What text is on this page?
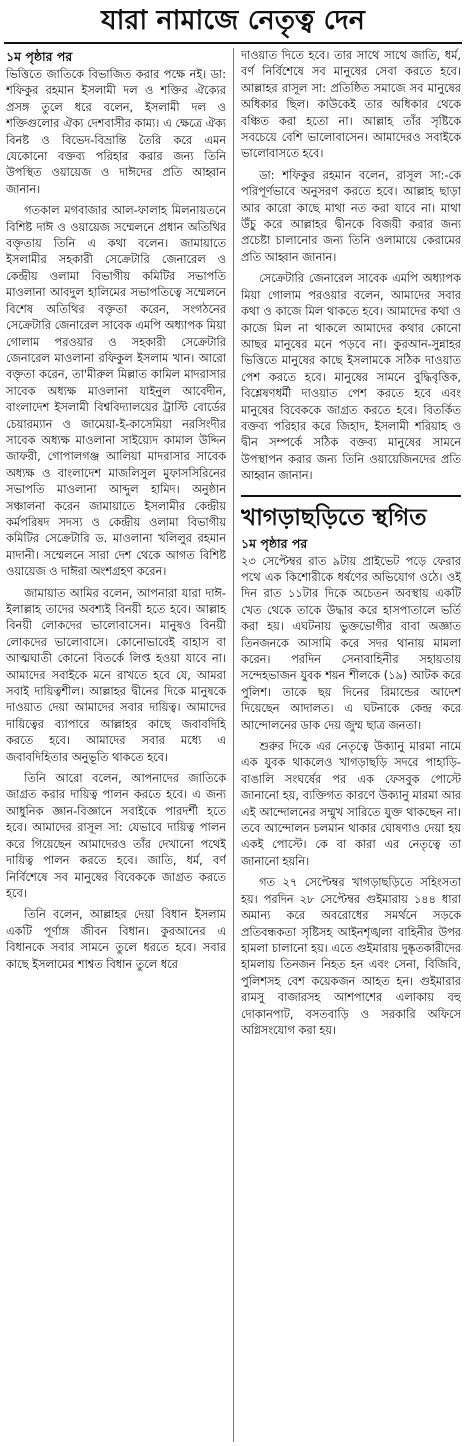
যারা নামাজে নেতৃত্ব দেন
১ম পৃষ্ঠার পর

ভিত্তিতে জাতিকে বিভাজিত করার পক্ষে নই। ডা: শফিকুর রহমান ইসলামী দল ও শক্তির ঐক্যের প্রসঙ্গ তুলে ধরে বলেন, ইসলামী দল ও শক্তিগুলোর ঐক্য দেশবাসীর কাম্য। এ ক্ষেত্রে ঐক্য বিনষ্ট ও বিভেদ-বিভ্রান্তি তৈরি করে এমন যেকোনো বক্তব্য পরিহার করার জন্য তিনি উপস্থিত ওয়ায়েজ ও দাঈদের প্রতি আহ্বান জানান।

গতকাল মগবাজার আল-ফালাহ মিলনায়তনে বিশিষ্ট দাঈ ও ওয়ায়েজ সম্মেলনে প্রধান অতিথির বক্তৃতায় তিনি এ কথা বলেন। জামায়াতে ইসলামীর সহকারী সেক্রেটারি জেনারেল ও কেন্দ্রীয় ওলামা বিভাগীয় কমিটির সভাপতি মাওলানা আবদুল হালিমের সভাপতিত্বে সম্মেলনে বিশেষ অতিথির বক্তৃতা করেন, সংগঠনের সেক্রেটারি জেনারেল সাবেক এমপি অধ্যাপক মিয়া গোলাম পরওয়ার ও সহকারী সেক্রেটারি জেনারেল মাওলানা রফিকুল ইসলাম খান। আরো বক্তৃতা করেন, তা'মীরুল মিল্লাত কামিল মাদরাসার সাবেক অধ্যক্ষ মাওলানা যাইনুল আবেদীন, বাংলাদেশ ইসলামী বিশ্ববিদ্যালয়ের ট্রাস্টি বোর্ডের চেয়ারম্যান ও জামেয়া-ই-কাসেমিয়া নরসিংদীর সাবেক অধ্যক্ষ মাওলানা সাইয়্যেদ কামাল উদ্দিন জাফরী, গোপালগঞ্জ আলিয়া মাদরাসার সাবেক অধ্যক্ষ ও বাংলাদেশ মাজলিসুল মুফাসসিরিনের সভাপতি মাওলানা আব্দুল হামিদ। অনুষ্ঠান সঞ্চালনা করেন জামায়াতে ইসলামীর কেন্দ্রীয় কর্মপরিষদ সদস্য ও কেন্দ্রীয় ওলামা বিভাগীয় কমিটির সেক্রেটারি ড. মাওলানা খলিলুর রহমান মাদানী। সম্মেলনে সারা দেশ থেকে আগত বিশিষ্ট ওয়ায়েজ ও দাঈরা অংশগ্রহণ করেন।

জামায়াত আমির বলেন, আপনারা যারা দাঈ-ইলাল্লাহ তাদের অবশ্যই বিনয়ী হতে হবে। আল্লাহ বিনয়ী লোকদের ভালোবাসেন। মানুষও বিনয়ী লোকদের ভালোবাসে। কোনোভাবেই বাহাস বা আত্মঘাতী কোনো বিতর্কে লিপ্ত হওয়া যাবে না। আমাদের সবাইকে মনে রাখতে হবে যে, আমরা সবাই দায়িত্বশীল। আল্লাহর দ্বীনের দিকে মানুষকে দাওয়াত দেয়া আমাদের সবার দায়িত্ব। আমাদের দায়িত্বের ব্যাপারে আল্লাহর কাছে জবাবদিহি করতে হবে। আমাদের সবার মধ্যে এ জবাবদিহিতার অনুভূতি থাকতে হবে।

তিনি আরো বলেন, আপনাদের জাতিকে জাগ্রত করার দায়িত্ব পালন করতে হবে। এ জন্য আধুনিক জ্ঞান-বিজ্ঞানে সবাইকে পারদর্শী হতে হবে। আমাদের রাসূল সা: যেভাবে দায়িত্ব পালন করে গিয়েছেন আমাদেরও তাঁর দেখানো পথেই দায়িত্ব পালন করতে হবে। জাতি, ধর্ম, বর্ণ নির্বিশেষে সব মানুষের বিবেককে জাগ্রত করতে হবে।

তিনি বলেন, আল্লাহর দেয়া বিধান ইসলাম একটি পূর্ণাঙ্গ জীবন বিধান। কুরআনের এ বিধানকে সবার সামনে তুলে ধরতে হবে। সবার কাছে ইসলামের শাশ্বত বিধান তুলে ধরে

দাওয়াত দিতে হবে। তার সাথে সাথে জাতি, ধর্ম, বর্ণ নির্বিশেষে সব মানুষের সেবা করতে হবে। আল্লাহর রাসূল সা: প্রতিষ্ঠিত সমাজে সব মানুষের অধিকার ছিল। কাউকেই তার অধিকার থেকে বঞ্চিত করা হতো না। আল্লাহ তাঁর সৃষ্টিকে সবচেয়ে বেশি ভালোবাসেন। আমাদেরও সবাইকে ভালোবাসতে হবে।

ডা: শফিকুর রহমান বলেন, রাসূল সা:-কে পরিপূর্ণভাবে অনুসরণ করতে হবে। আল্লাহ ছাড়া আর কারো কাছে মাথা নত করা যাবে না। মাথা উঁচু করে আল্লাহর দ্বীনকে বিজয়ী করার জন্য প্রচেষ্টা চালানোর জন্য তিনি ওলামায়ে কেরামের প্রতি আহ্বান জানান।

সেক্রেটারি জেনারেল সাবেক এমপি অধ্যাপক মিয়া গোলাম পরওয়ার বলেন, আমাদের সবার কথা ও কাজে মিল থাকতে হবে। আমাদের কথা ও কাজে মিল না থাকলে আমাদের কথার কোনো আছর মানুষের মনে পড়বে না। কুরআন-সুন্নাহর ভিত্তিতে মানুষের কাছে ইসলামকে সঠিক দাওয়াত পেশ করতে হবে। মানুষের সামনে বুদ্ধিবৃত্তিক, বিশ্লেষণধর্মী দাওয়াত পেশ করতে হবে এবং মানুষের বিবেককে জাগ্রত করতে হবে। বিতর্কিত বক্তব্য পরিহার করে জিহাদ, ইসলামী শরিয়াহ ও দ্বীন সম্পর্কে সঠিক বক্তব্য মানুষের সামনে উপস্থাপন করার জন্য তিনি ওয়ায়েজিনদের প্রতি আহ্বান জানান।

খাগড়াছড়িতে স্থগিত
১ম পৃষ্ঠার পর

২৩ সেপ্টেম্বর রাত ৯টায় প্রাইভেট পড়ে ফেরার পথে এক কিশোরীকে ধর্ষণের অভিযোগ ওঠে। ওই দিন রাত ১১টার দিকে অচেতন অবস্থায় একটি খেত থেকে তাকে উদ্ধার করে হাসপাতালে ভর্তি করা হয়। এঘটনায় ভুক্তভোগীর বাবা অজ্ঞাত তিনজনকে আসামি করে সদর থানায় মামলা করেন। পরদিন সেনাবাহিনীর সহায়তায় সন্দেহভাজন যুবক শয়ন শীলকে (১৯) আটক করে পুলিশ। তাকে ছয় দিনের রিমান্ডের আদেশ দিয়েছেন আদালত। এ ঘটনাকে কেন্দ্র করে আন্দোলনের ডাক দেয় জুম্ম ছাত্র জনতা।

শুরুর দিকে এর নেতৃত্বে উক্যানু মারমা নামে এক যুবক থাকলেও খাগড়াছড়ি সদরে পাহাড়ি-বাঙালি সংঘর্ষের পর এক ফেসবুক পোস্টে জানানো হয়, ব্যক্তিগত কারণে উক্যানু মারমা আর এই আন্দোলনের সম্মুখ সারিতে যুক্ত থাকছেন না। তবে আন্দোলন চলমান থাকার ঘোষণাও দেয়া হয় একই পোস্টে। কে বা কারা এর নেতৃত্বে তা জানানো হয়নি।

গত ২৭ সেপ্টেম্বর খাগড়াছড়িতে সহিংসতা হয়। পরদিন ২৮ সেপ্টেম্বর গুইমারায় ১৪৪ ধারা অমান্য করে অবরোধের সমর্থনে সড়কে প্রতিবন্ধকতা সৃষ্টিসহ আইনশৃঙ্খলা বাহিনীর উপর হামলা চালানো হয়। এতে গুইমারায় দুষ্কৃতকারীদের হামলায় তিনজন নিহত হন এবং সেনা, বিজিবি, পুলিশসহ বেশ কয়েকজন আহত হন। গুইমারার রামসু বাজারসহ আশপাশের এলাকায় বহু দোকানপাট, বসতবাড়ি ও সরকারি অফিসে অগ্নিসংযোগ করা হয়।
